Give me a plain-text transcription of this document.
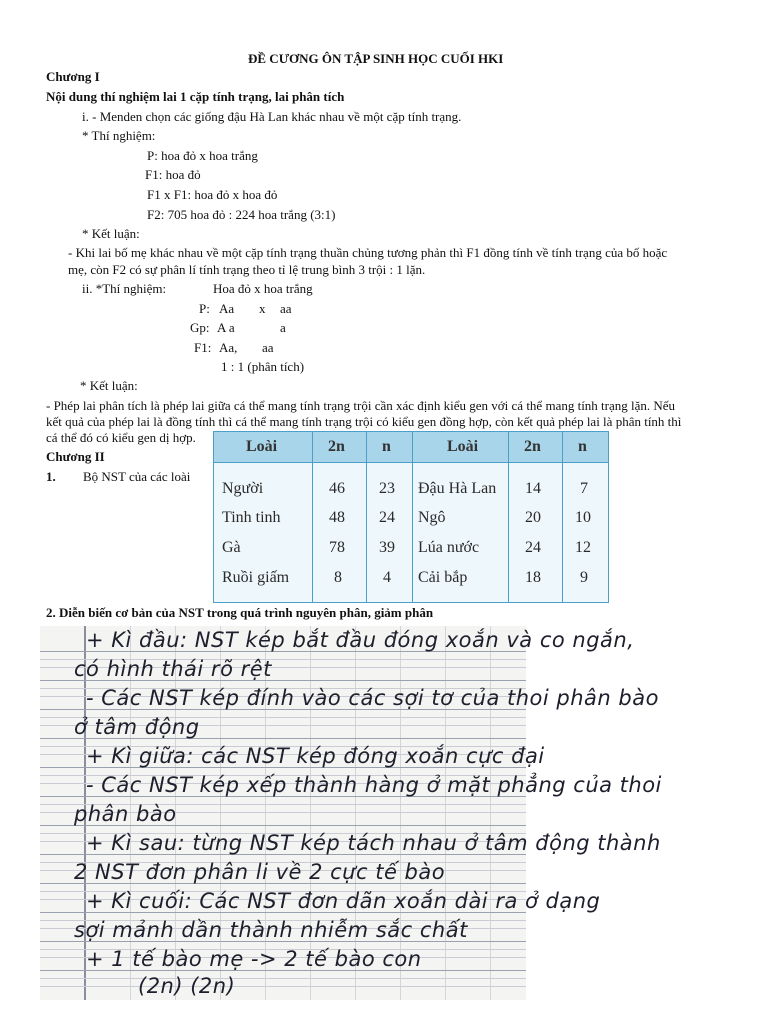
ĐỀ CƯƠNG ÔN TẬP SINH HỌC CUỐI HKI
Chương I
Nội dung thí nghiệm lai 1 cặp tính trạng, lai phân tích
i. - Menden chọn các giống đậu Hà Lan khác nhau về một cặp tính trạng.
* Thí nghiệm:
P: hoa đỏ x hoa trắng
F1: hoa đỏ
F1 x F1: hoa đỏ x hoa đỏ
F2: 705 hoa đỏ : 224 hoa trắng (3:1)
* Kết luận:
- Khi lai bố mẹ khác nhau về một cặp tính trạng thuần chủng tương phản thì F1 đồng tính về tính trạng của bố hoặc
mẹ, còn F2 có sự phân lí tính trạng theo tỉ lệ trung bình 3 trội : 1 lặn.
ii. *Thí nghiệm:	Hoa đỏ x hoa trắng
P: Aa x aa
Gp: A a	a
F1: Aa, aa
1 : 1 (phân tích)
* Kết luận:
- Phép lai phân tích là phép lai giữa cá thể mang tính trạng trội cần xác định kiểu gen với cá thể mang tính trạng lặn. Nếu
kết quả của phép lai là đồng tính thì cá thể mang tính trạng trội có kiểu gen đồng hợp, còn kết quả phép lai là phân tính thì
cá thể đó có kiểu gen dị hợp.
Chương II
1. Bộ NST của các loài
Loài	2n n	Loài	2n n
Người	46 23 Đậu Hà Lan 14 7
Tinh tinh	48 24 Ngô	20 10
Gà	78 39 Lúa nước	24 12
Ruồi giấm	8	4 Cải bắp	18 9
2. Diễn biến cơ bản của NST trong quá trình nguyên phân, giảm phân
+ Kì đầu: NST kép bắt đầu đóng xoắn và co ngắn,
có hình thái rõ rệt
- Các NST kép đính vào các sợi tơ của thoi phân bào
ở tâm động
+ Kì giữa: các NST kép đóng xoắn cực đại
- Các NST kép xếp thành hàng ở mặt phẳng của thoi
phân bào
+ Kì sau: từng NST kép tách nhau ở tâm động thành
2 NST đơn phân li về 2 cực tế bào
+ Kì cuối: Các NST đơn dãn xoắn dài ra ở dạng
sợi mảnh dần thành nhiễm sắc chất
+ 1 tế bào mẹ -> 2 tế bào con
(2n) (2n)
